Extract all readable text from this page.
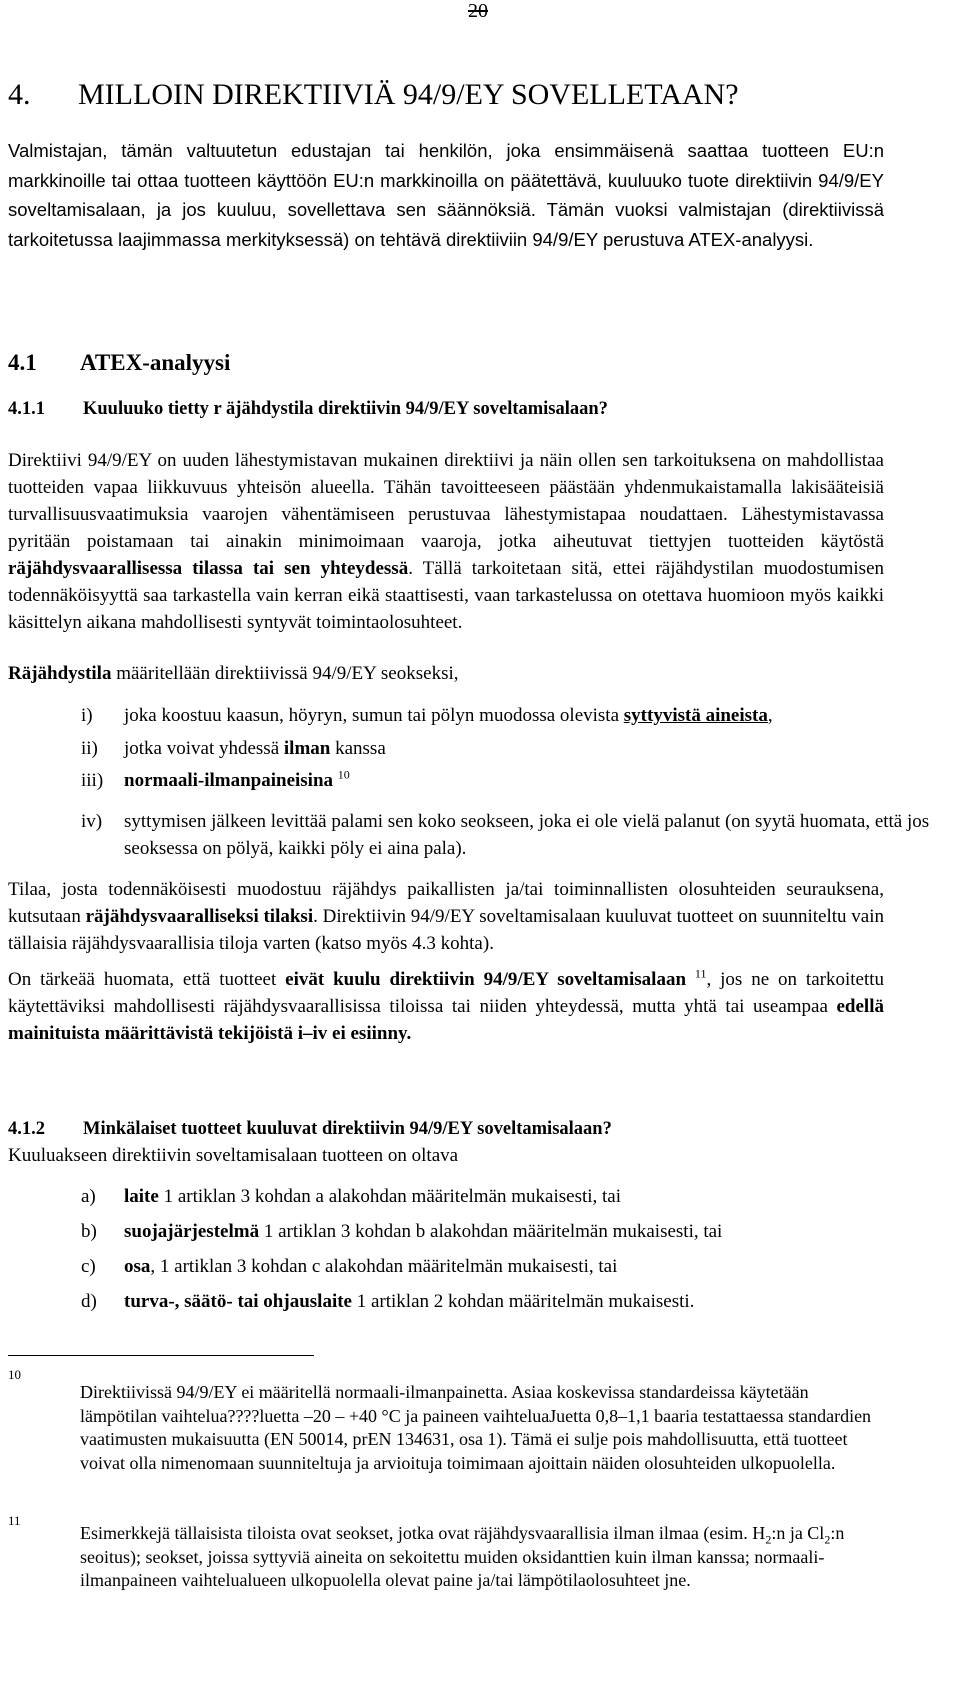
20
4. MILLOIN DIREKTIIVIÄ 94/9/EY SOVELLETAAN?
Valmistajan, tämän valtuutetun edustajan tai henkilön, joka ensimmäisenä saattaa tuotteen EU:n markkinoille tai ottaa tuotteen käyttöön EU:n markkinoilla on päätettävä, kuuluuko tuote direktiivin 94/9/EY soveltamisalaan, ja jos kuuluu, sovellettava sen säännöksiä. Tämän vuoksi valmistajan (direktiivissä tarkoitetussa laajimmassa merkityksessä) on tehtävä direktiiviin 94/9/EY perustuva ATEX-analyysi.
4.1 ATEX-analyysi
4.1.1 Kuuluuko tietty r äjähdystila direktiivin 94/9/EY soveltamisalaan?
Direktiivi 94/9/EY on uuden lähestymistavan mukainen direktiivi ja näin ollen sen tarkoituksena on mahdollistaa tuotteiden vapaa liikkuvuus yhteisön alueella. Tähän tavoitteeseen päästään yhdenmukaistamalla lakisääteisiä turvallisuusvaatimuksia vaarojen vähentämiseen perustuvaa lähestymistapaa noudattaen. Lähestymistavassa pyritään poistamaan tai ainakin minimoimaan vaaroja, jotka aiheutuvat tiettyjen tuotteiden käytöstä räjähdysvaarallisessa tilassa tai sen yhteydessä. Tällä tarkoitetaan sitä, ettei räjähdystilan muodostumisen todennäköisyyttä saa tarkastella vain kerran eikä staattisesti, vaan tarkastelussa on otettava huomioon myös kaikki käsittelyn aikana mahdollisesti syntyvät toimintaolosuhteet.
Räjähdystila määritellään direktiivissä 94/9/EY seokseksi,
i) joka koostuu kaasun, höyryn, sumun tai pölyn muodossa olevista syttyvistä aineista,
ii) jotka voivat yhdessä ilman kanssa
iii) normaali-ilmanpaineisina $^{10}$
iv) syttymisen jälkeen levittää palami sen koko seokseen, joka ei ole vielä palanut (on syytä huomata, että jos seoksessa on pölyä, kaikki pöly ei aina pala).
Tilaa, josta todennäköisesti muodostuu räjähdys paikallisten ja/tai toiminnallisten olosuhteiden seurauksena, kutsutaan räjähdysvaaralliseksi tilaksi. Direktiivin 94/9/EY soveltamisalaan kuuluvat tuotteet on suunniteltu vain tällaisia räjähdysvaarallisia tiloja varten (katso myös 4.3 kohta).
On tärkeää huomata, että tuotteet eivät kuulu direktiivin 94/9/EY soveltamisalaan $^{11}$, jos ne on tarkoitettu käytettäviksi mahdollisesti räjähdysvaarallisissa tiloissa tai niiden yhteydessä, mutta yhtä tai useampaa edellä mainituista määrittävistä tekijöistä i–iv ei esiinny.
4.1.2 Minkälaiset tuotteet kuuluvat direktiivin 94/9/EY soveltamisalaan?
Kuuluakseen direktiivin soveltamisalaan tuotteen on oltava
a) laite 1 artiklan 3 kohdan a alakohdan määritelmän mukaisesti, tai
b) suojajärjestelmä 1 artiklan 3 kohdan b alakohdan määritelmän mukaisesti, tai
c) osa, 1 artiklan 3 kohdan c alakohdan määritelmän mukaisesti, tai
d) turva-, säätö- tai ohjauslaite 1 artiklan 2 kohdan määritelmän mukaisesti.
10
Direktiivissä 94/9/EY ei määritellä normaali-ilmanpainetta. Asiaa koskevissa standardeissa käytetään lämpötilan vaihtelua????luetta –20 – +40 °C ja paineen vaihteluaJuetta 0,8–1,1 baaria testattaessa standardien vaatimusten mukaisuutta (EN 50014, prEN 134631, osa 1). Tämä ei sulje pois mahdollisuutta, että tuotteet voivat olla nimenomaan suunniteltuja ja arvioituja toimimaan ajoittain näiden olosuhteiden ulkopuolella.
11
Esimerkkejä tällaisista tiloista ovat seokset, jotka ovat räjähdysvaarallisia ilman ilmaa (esim. $H_2:n$ ja $Cl_2:n$ seoitus); seokset, joissa syttyviä aineita on sekoitettu muiden oksidanttien kuin ilman kanssa; normaali-ilmanpaineen vaihtelualueen ulkopuolella olevat paine ja/tai lämpötilaolosuhteet jne.
